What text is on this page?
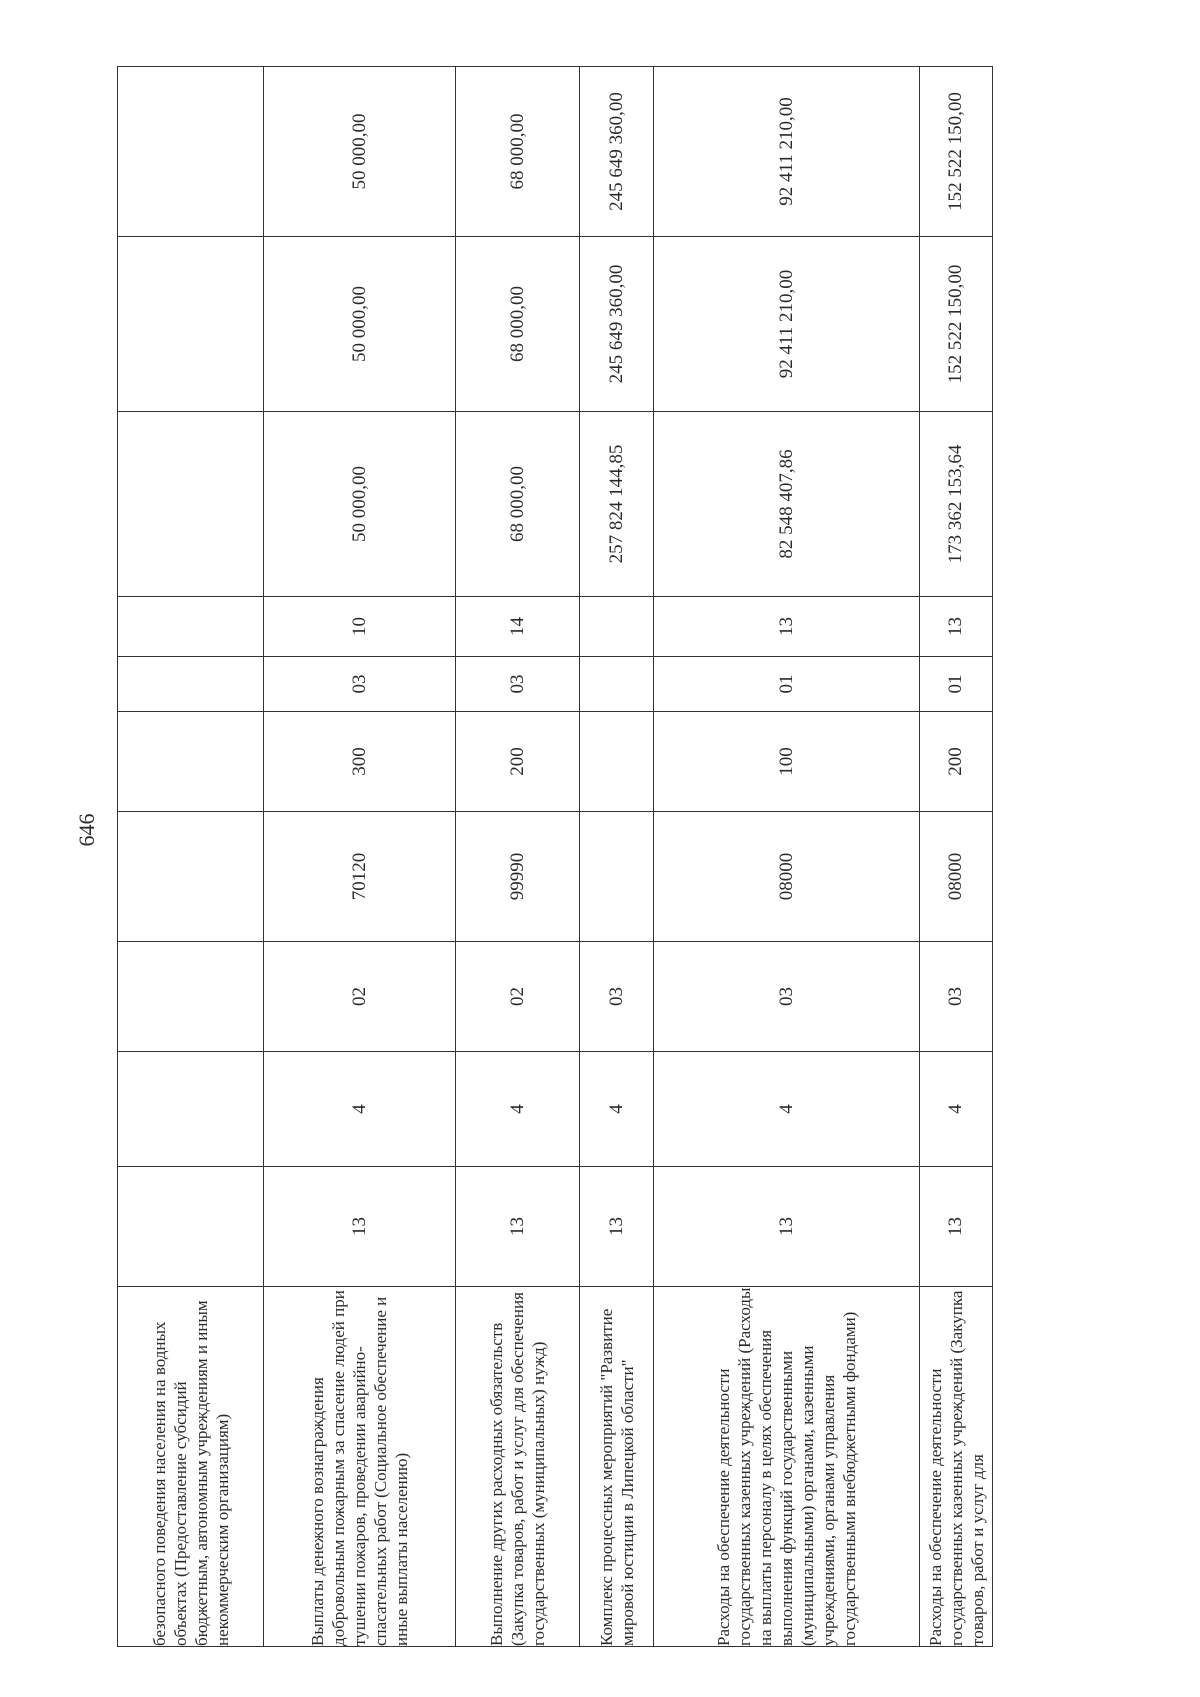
646
безопасного поведения населения на водных объектах (Предоставление субсидий бюджетным, автономным учреждениям и иным некоммерческим организациям)										
Выплаты денежного вознаграждения добровольным пожарным за спасение людей при тушении пожаров, проведении аварийно-спасательных работ (Социальное обеспечение и иные выплаты населению)	13	4	02	70120	300	03	10	50 000,00	50 000,00	50 000,00
Выполнение других расходных обязательств (Закупка товаров, работ и услуг для обеспечения государственных (муниципальных) нужд)	13	4	02	99990	200	03	14	68 000,00	68 000,00	68 000,00
Комплекс процессных мероприятий "Развитие мировой юстиции в Липецкой области"	13	4	03					257 824 144,85	245 649 360,00	245 649 360,00
Расходы на обеспечение деятельности государственных казенных учреждений (Расходы на выплаты персоналу в целях обеспечения выполнения функций государственными (муниципальными) органами, казенными учреждениями, органами управления государственными внебюджетными фондами)	13	4	03	08000	100	01	13	82 548 407,86	92 411 210,00	92 411 210,00
Расходы на обеспечение деятельности государственных казенных учреждений (Закупка товаров, работ и услуг для	13	4	03	08000	200	01	13	173 362 153,64	152 522 150,00	152 522 150,00
